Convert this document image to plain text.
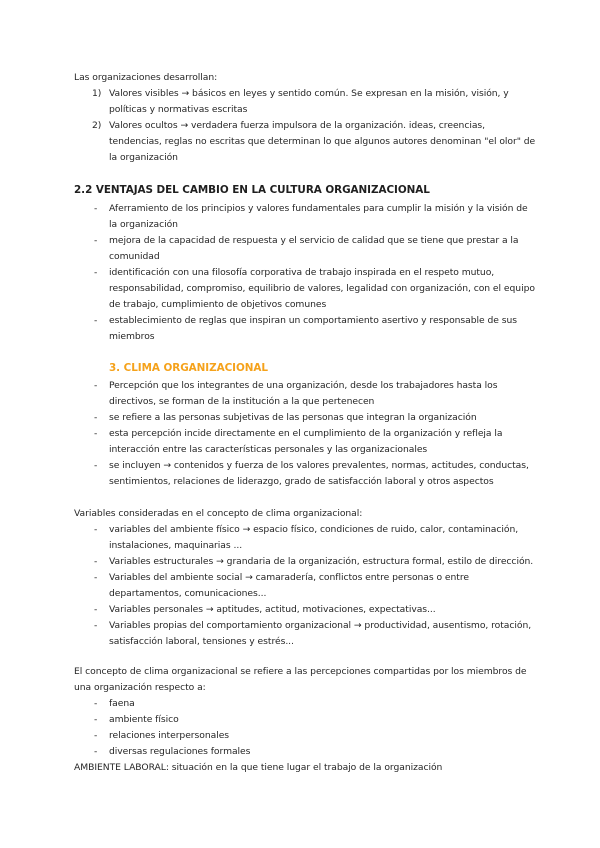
Las organizaciones desarrollan:
1) Valores visibles → básicos en leyes y sentido común. Se expresan en la misión, visión, y
políticas y normativas escritas
2) Valores ocultos → verdadera fuerza impulsora de la organización. ideas, creencias,
tendencias, reglas no escritas que determinan lo que algunos autores denominan "el olor" de
la organización
2.2 VENTAJAS DEL CAMBIO EN LA CULTURA ORGANIZACIONAL
- Aferramiento de los principios y valores fundamentales para cumplir la misión y la visión de
la organización
- mejora de la capacidad de respuesta y el servicio de calidad que se tiene que prestar a la
comunidad
- identificación con una filosofía corporativa de trabajo inspirada en el respeto mutuo,
responsabilidad, compromiso, equilibrio de valores, legalidad con organización, con el equipo
de trabajo, cumplimiento de objetivos comunes
- establecimiento de reglas que inspiran un comportamiento asertivo y responsable de sus
miembros
3. CLIMA ORGANIZACIONAL
- Percepción que los integrantes de una organización, desde los trabajadores hasta los
directivos, se forman de la institución a la que pertenecen
- se refiere a las personas subjetivas de las personas que integran la organización
- esta percepción incide directamente en el cumplimiento de la organización y refleja la
interacción entre las características personales y las organizacionales
- se incluyen → contenidos y fuerza de los valores prevalentes, normas, actitudes, conductas,
sentimientos, relaciones de liderazgo, grado de satisfacción laboral y otros aspectos
Variables consideradas en el concepto de clima organizacional:
- variables del ambiente físico → espacio físico, condiciones de ruido, calor, contaminación,
instalaciones, maquinarias ...
- Variables estructurales → grandaria de la organización, estructura formal, estilo de dirección.
- Variables del ambiente social → camaradería, conflictos entre personas o entre
departamentos, comunicaciones...
- Variables personales → aptitudes, actitud, motivaciones, expectativas...
- Variables propias del comportamiento organizacional → productividad, ausentismo, rotación,
satisfacción laboral, tensiones y estrés...
El concepto de clima organizacional se refiere a las percepciones compartidas por los miembros de
una organización respecto a:
- faena
- ambiente físico
- relaciones interpersonales
- diversas regulaciones formales
AMBIENTE LABORAL: situación en la que tiene lugar el trabajo de la organización
